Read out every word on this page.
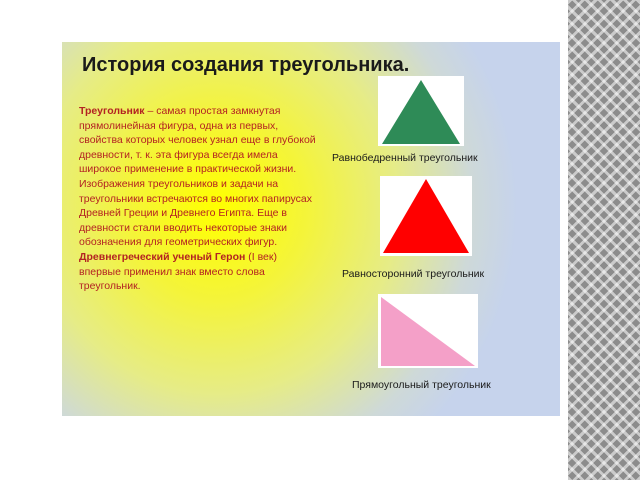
История создания треугольника.

Треугольник – самая простая замкнутая прямолинейная фигура, одна из первых, свойства которых человек узнал еще в глубокой древности, т. к. эта фигура всегда имела широкое применение в практической жизни. Изображения треугольников и задачи на треугольники встречаются во многих папирусах Древней Греции и Древнего Египта. Еще в древности стали вводить некоторые знаки обозначения для геометрических фигур. Древнегреческий ученый Герон (I век) впервые применил знак вместо слова треугольник.

Равнобедренный треугольник

Равносторонний треугольник

Прямоугольный треугольник
